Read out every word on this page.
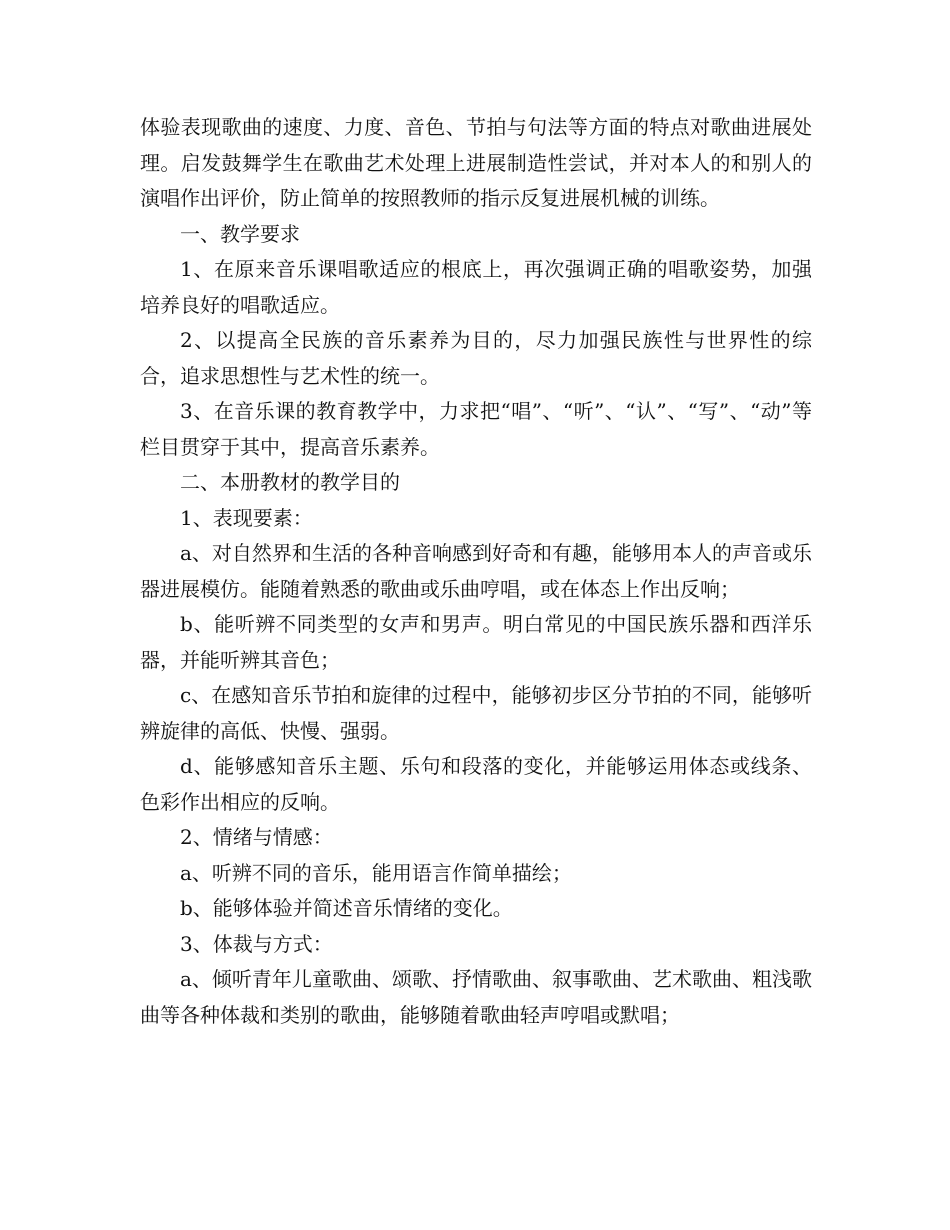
体验表现歌曲的速度、力度、音色、节拍与句法等方面的特点对歌曲进展处理。启发鼓舞学生在歌曲艺术处理上进展制造性尝试，并对本人的和别人的演唱作出评价，防止简单的按照教师的指示反复进展机械的训练。

一、教学要求

1、在原来音乐课唱歌适应的根底上，再次强调正确的唱歌姿势，加强培养良好的唱歌适应。

2、以提高全民族的音乐素养为目的，尽力加强民族性与世界性的综合，追求思想性与艺术性的统一。

3、在音乐课的教育教学中，力求把“唱”、“听”、“认”、“写”、“动”等栏目贯穿于其中，提高音乐素养。

二、本册教材的教学目的

1、表现要素：

a、对自然界和生活的各种音响感到好奇和有趣，能够用本人的声音或乐器进展模仿。能随着熟悉的歌曲或乐曲哼唱，或在体态上作出反响；

b、能听辨不同类型的女声和男声。明白常见的中国民族乐器和西洋乐器，并能听辨其音色；

c、在感知音乐节拍和旋律的过程中，能够初步区分节拍的不同，能够听辨旋律的高低、快慢、强弱。

d、能够感知音乐主题、乐句和段落的变化，并能够运用体态或线条、色彩作出相应的反响。

2、情绪与情感：

a、听辨不同的音乐，能用语言作简单描绘；

b、能够体验并简述音乐情绪的变化。

3、体裁与方式：

a、倾听青年儿童歌曲、颂歌、抒情歌曲、叙事歌曲、艺术歌曲、粗浅歌曲等各种体裁和类别的歌曲，能够随着歌曲轻声哼唱或默唱；
